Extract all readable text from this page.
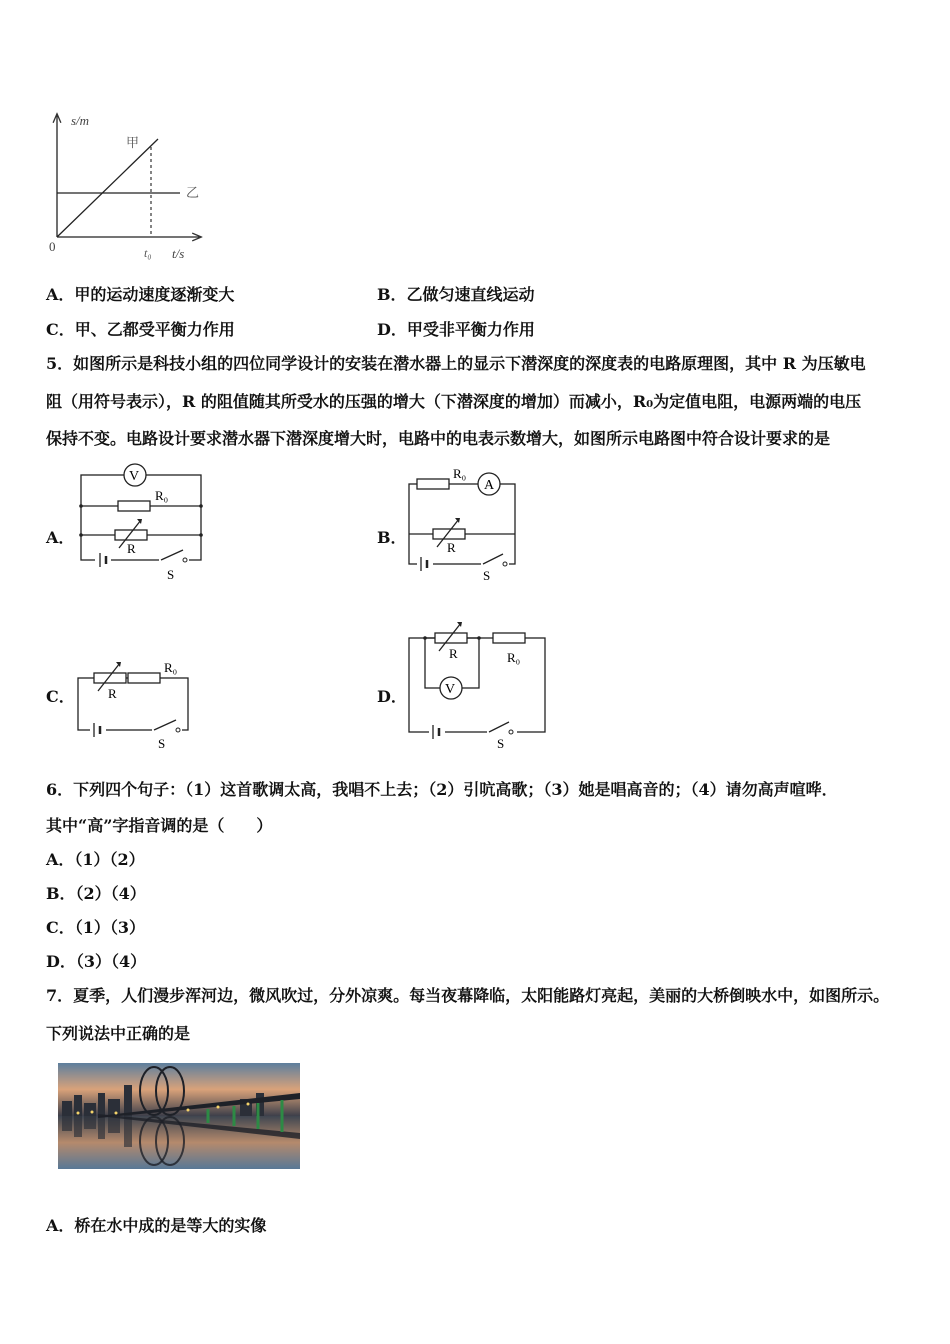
s/m
甲
乙
0	t₀ t/s
A．甲的运动速度逐渐变大	B．乙做匀速直线运动
C．甲、乙都受平衡力作用	D．甲受非平衡力作用
5．如图所示是科技小组的四位同学设计的安装在潜水器上的显示下潜深度的深度表的电路原理图，其中 R 为压敏电
阻（用符号表示），R 的阻值随其所受水的压强的增大（下潜深度的增加）而减小，R₀为定值电阻，电源两端的电压
保持不变。电路设计要求潜水器下潜深度增大时，电路中的电表示数增大，如图所示电路图中符合设计要求的是
A．	B．
C．	D．
V
R₀
R
S
R₀
A
R
S
R
R₀
S
R
V
R₀
S
6．下列四个句子：（1）这首歌调太高，我唱不上去；（2）引吭高歌；（3）她是唱高音的；（4）请勿高声喧哗．
其中“高”字指音调的是（　　）
A．（1）（2）
B．（2）（4）
C．（1）（3）
D．（3）（4）
7．夏季，人们漫步浑河边，微风吹过，分外凉爽。每当夜幕降临，太阳能路灯亮起，美丽的大桥倒映水中，如图所示。
下列说法中正确的是
A．桥在水中成的是等大的实像
